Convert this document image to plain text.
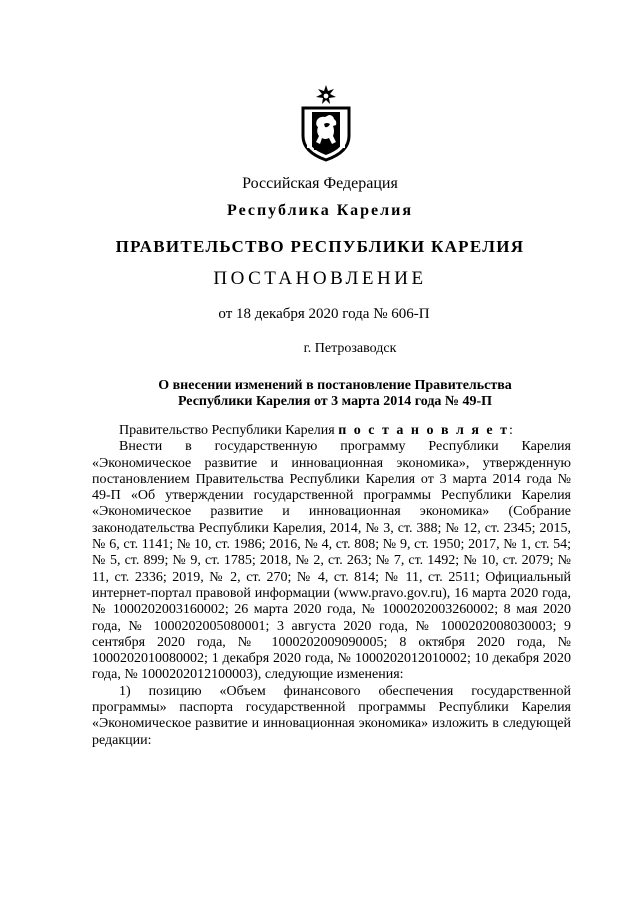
Российская Федерация
Республика Карелия
ПРАВИТЕЛЬСТВО РЕСПУБЛИКИ КАРЕЛИЯ
ПОСТАНОВЛЕНИЕ
от 18 декабря 2020 года № 606-П
г. Петрозаводск
О внесении изменений в постановление Правительства
Республики Карелия от 3 марта 2014 года № 49-П

Правительство Республики Карелия п о с т а н о в л я е т:

Внести в государственную программу Республики Карелия «Экономическое развитие и инновационная экономика», утвержденную постановлением Правительства Республики Карелия от 3 марта 2014 года № 49-П «Об утверждении государственной программы Республики Карелия «Экономическое развитие и инновационная экономика» (Собрание законодательства Республики Карелия, 2014, № 3, ст. 388; № 12, ст. 2345; 2015, № 6, ст. 1141; № 10, ст. 1986; 2016, № 4, ст. 808; № 9, ст. 1950; 2017, № 1, ст. 54; № 5, ст. 899; № 9, ст. 1785; 2018, № 2, ст. 263; № 7, ст. 1492; № 10, ст. 2079; № 11, ст. 2336; 2019, № 2, ст. 270; № 4, ст. 814; № 11, ст. 2511; Официальный интернет-портал правовой информации (www.pravo.gov.ru), 16 марта 2020 года, № 1000202003160002; 26 марта 2020 года, № 1000202003260002; 8 мая 2020 года, № 1000202005080001; 3 августа 2020 года, № 1000202008030003; 9 сентября 2020 года, № 1000202009090005; 8 октября 2020 года, № 1000202010080002; 1 декабря 2020 года, № 1000202012010002; 10 декабря 2020 года, № 1000202012100003), следующие изменения:

1) позицию «Объем финансового обеспечения государственной программы» паспорта государственной программы Республики Карелия «Экономическое развитие и инновационная экономика» изложить в следующей редакции:
